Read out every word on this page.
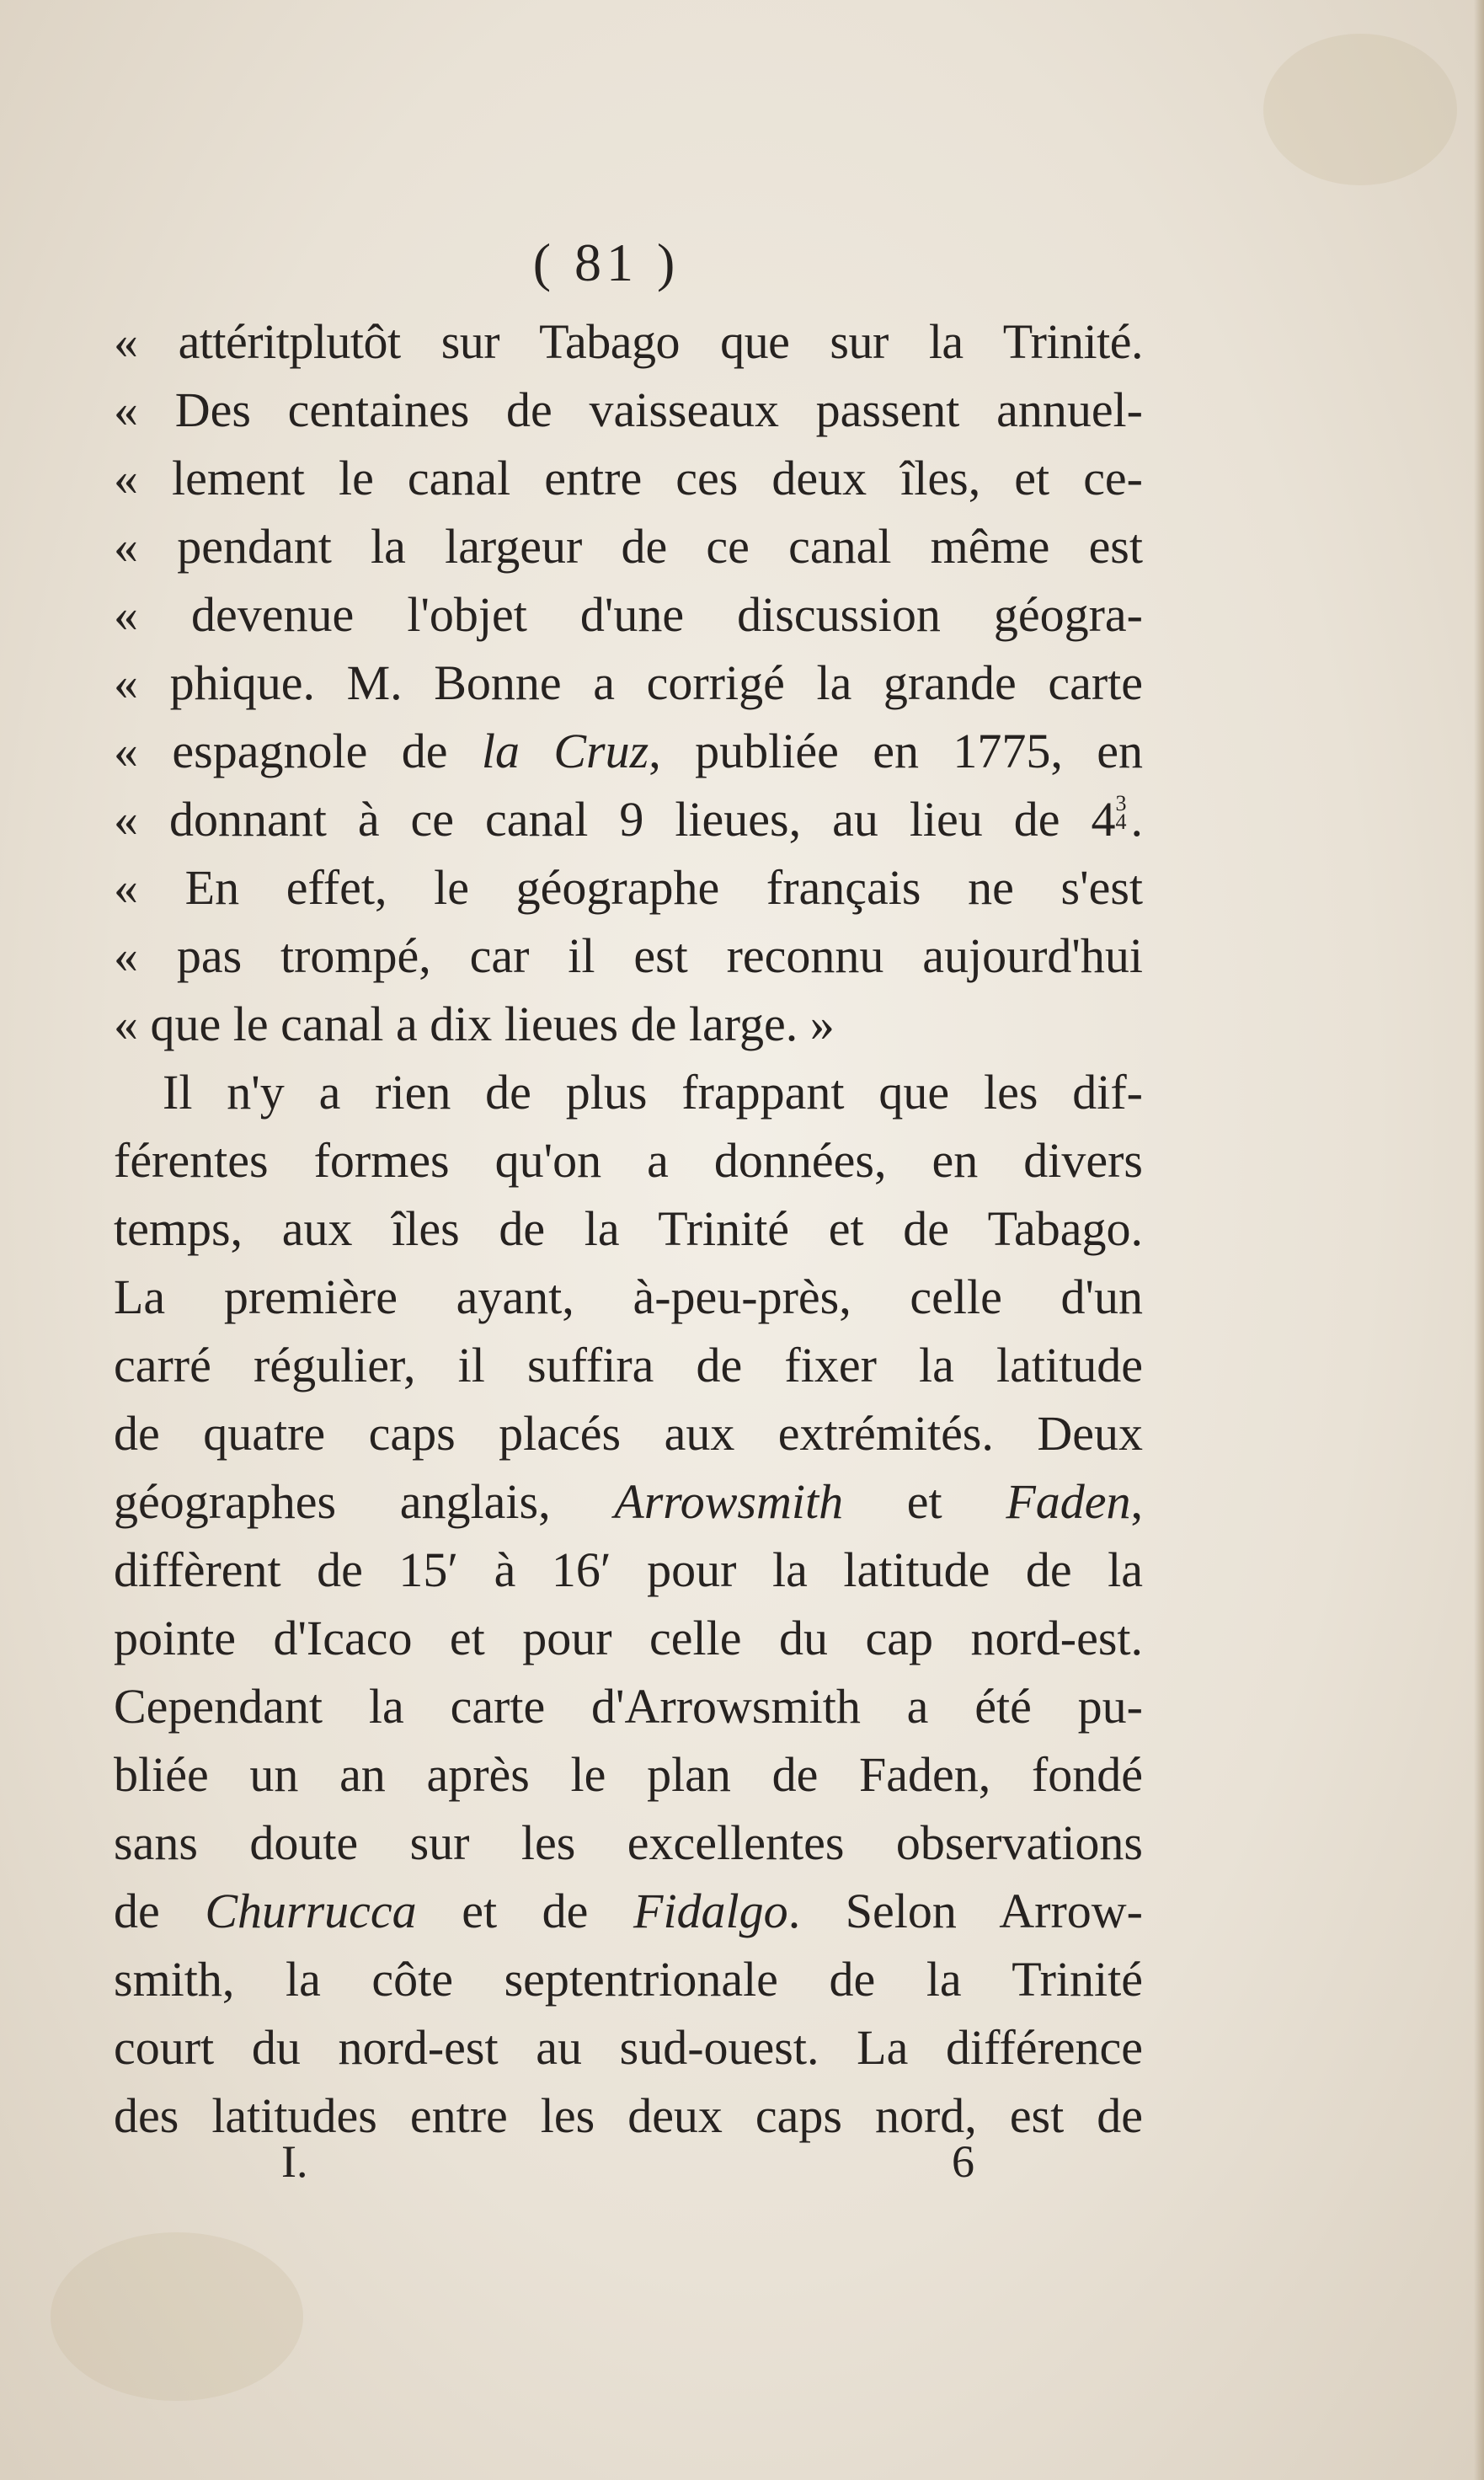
( 81 )
« attéritplutôt sur Tabago que sur la Trinité.
« Des centaines de vaisseaux passent annuel-
« lement le canal entre ces deux îles, et ce-
« pendant la largeur de ce canal même est
« devenue l'objet d'une discussion géogra-
« phique. M. Bonne a corrigé la grande carte
« espagnole de la Cruz, publiée en 1775, en
« donnant à ce canal 9 lieues, au lieu de 4 3
4 .
« En effet, le géographe français ne s'est
« pas trompé, car il est reconnu aujourd'hui
« que le canal a dix lieues de large. »
Il n'y a rien de plus frappant que les dif-
férentes formes qu'on a données, en divers
temps, aux îles de la Trinité et de Tabago.
La première ayant, à-peu-près, celle d'un
carré régulier, il suffira de fixer la latitude
de quatre caps placés aux extrémités. Deux
géographes anglais, Arrowsmith et Faden,
diffèrent de 15′ à 16′ pour la latitude de la
pointe d'Icaco et pour celle du cap nord-est.
Cependant la carte d'Arrowsmith a été pu-
bliée un an après le plan de Faden, fondé
sans doute sur les excellentes observations
de Churrucca et de Fidalgo. Selon Arrow-
smith, la côte septentrionale de la Trinité
court du nord-est au sud-ouest. La différence
des latitudes entre les deux caps nord, est de
I.	6
